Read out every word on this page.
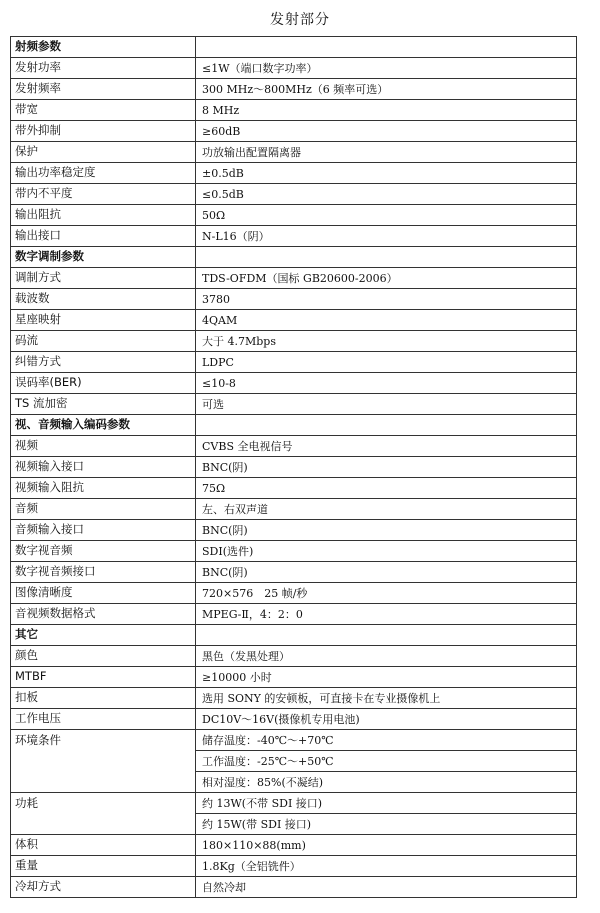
发射部分
射频参数	
发射功率	≤1W（端口数字功率）
发射频率	300 MHz～800MHz（6 频率可选）
带宽	8 MHz
带外抑制	≥60dB
保护	功放输出配置隔离器
输出功率稳定度	±0.5dB
带内不平度	≤0.5dB
输出阻抗	50Ω
输出接口	N-L16（阴）
数字调制参数	
调制方式	TDS-OFDM（国标 GB20600-2006）
载波数	3780
星座映射	4QAM
码流	大于 4.7Mbps
纠错方式	LDPC
误码率(BER)	≤10-8
TS 流加密	可选
视、音频输入编码参数	
视频	CVBS 全电视信号
视频输入接口	BNC(阴)
视频输入阻抗	75Ω
音频	左、右双声道
音频输入接口	BNC(阴)
数字视音频	SDI(选件)
数字视音频接口	BNC(阴)
图像清晰度	720×576　25 帧/秒
音视频数据格式	MPEG-Ⅱ，4：2：0
其它	
颜色	黑色（发黑处理）
MTBF	≥10000 小时
扣板	选用 SONY 的安顿板，可直接卡在专业摄像机上
工作电压	DC10V～16V(摄像机专用电池)
环境条件	储存温度：-40℃～+70℃
	工作温度：-25℃～+50℃
	相对湿度：85%(不凝结)
功耗	约 13W(不带 SDI 接口)
	约 15W(带 SDI 接口)
体积	180×110×88(mm)
重量	1.8Kg（全铝铣件）
冷却方式	自然冷却
